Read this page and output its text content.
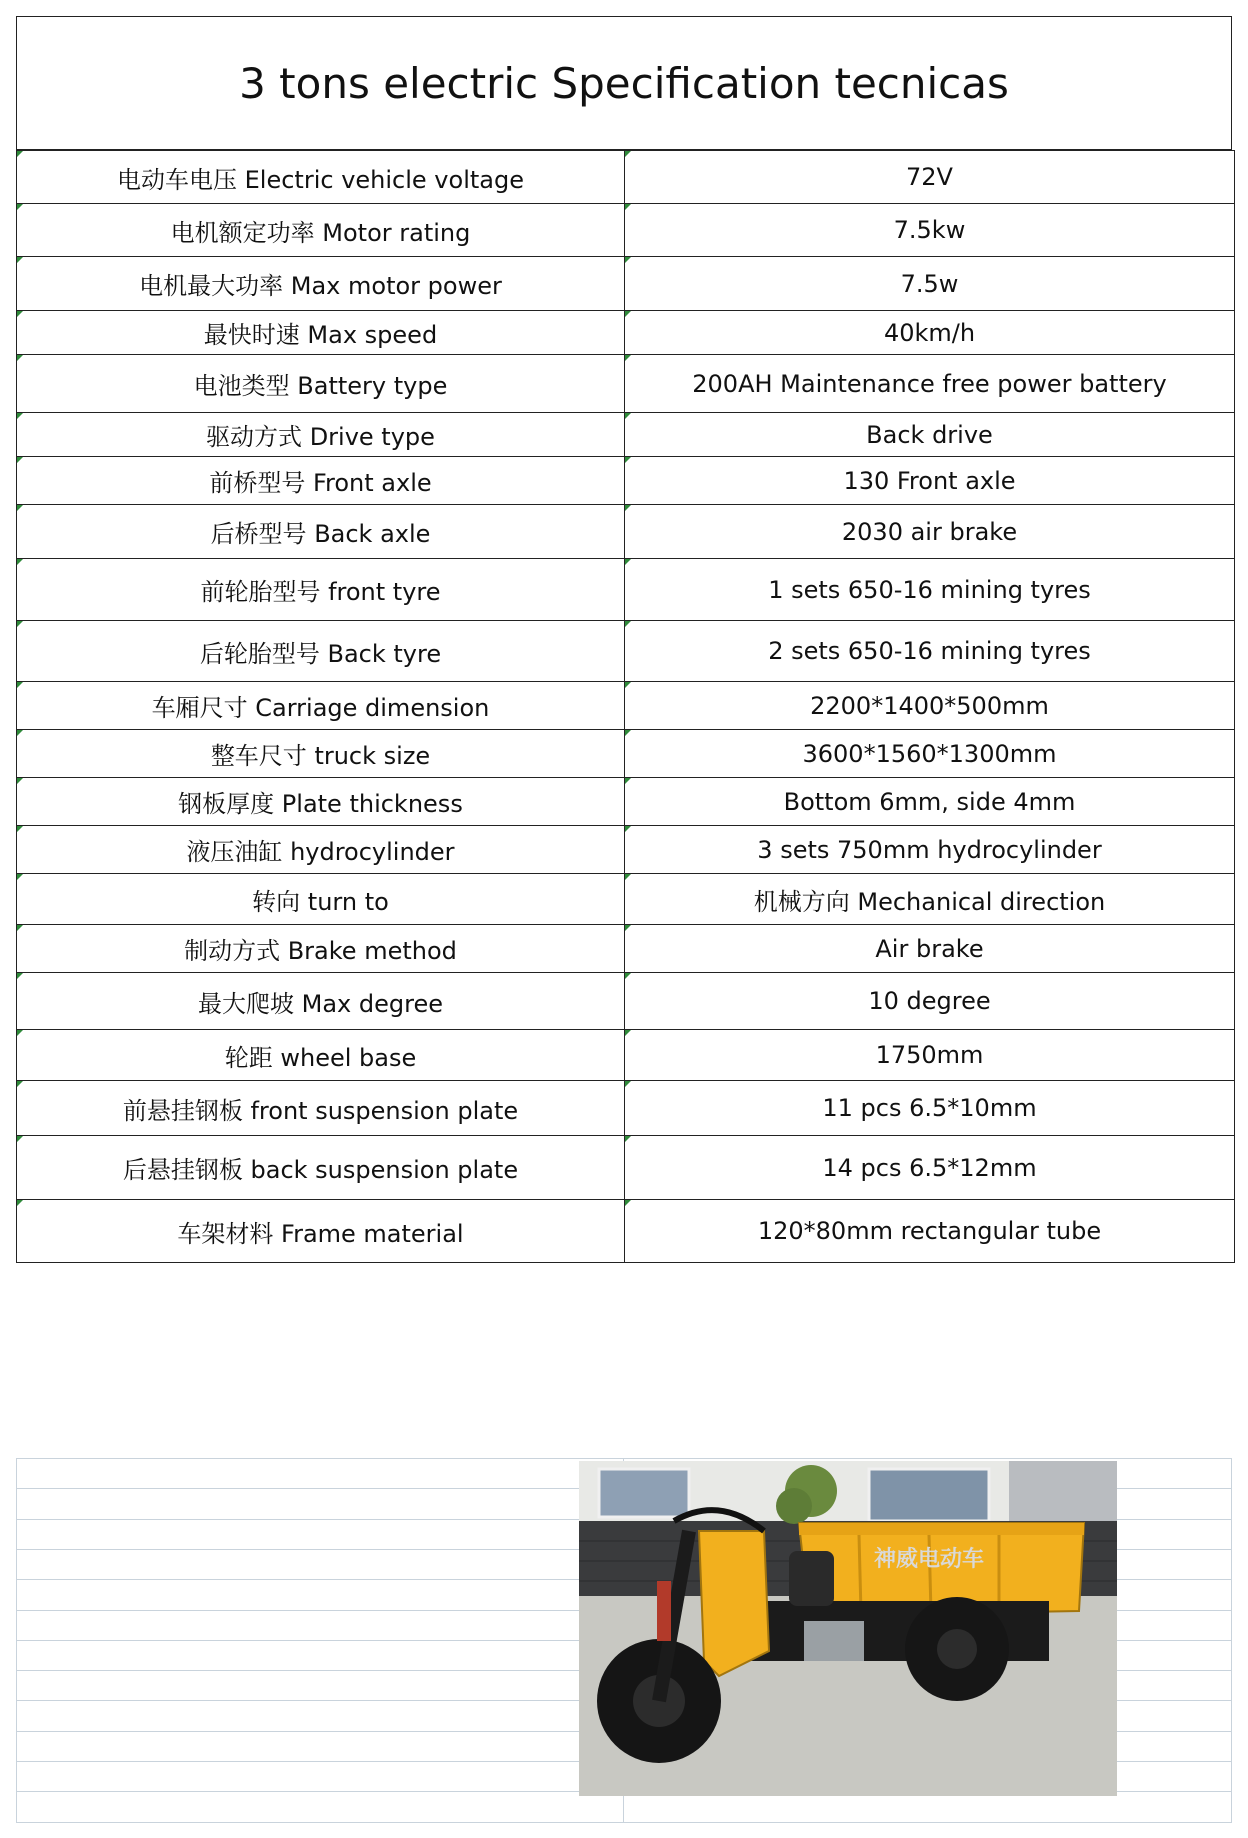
3 tons electric Specification tecnicas
电动车电压 Electric vehicle voltage	72V
电机额定功率 Motor rating	7.5kw
电机最大功率 Max motor power	7.5w
最快时速 Max speed	40km/h
电池类型 Battery type	200AH Maintenance free power battery
驱动方式 Drive type	Back drive
前桥型号 Front axle	130 Front axle
后桥型号 Back axle	2030 air brake
前轮胎型号 front tyre	1 sets 650-16 mining tyres
后轮胎型号 Back tyre	2 sets 650-16 mining tyres
车厢尺寸 Carriage dimension	2200*1400*500mm
整车尺寸 truck size	3600*1560*1300mm
钢板厚度 Plate thickness	Bottom 6mm, side 4mm
液压油缸 hydrocylinder	3 sets 750mm hydrocylinder
转向 turn to	机械方向 Mechanical direction
制动方式 Brake method	Air brake
最大爬坡 Max degree	10 degree
轮距 wheel base	1750mm
前悬挂钢板 front suspension plate	11 pcs 6.5*10mm
后悬挂钢板 back suspension plate	14 pcs 6.5*12mm
车架材料 Frame material	120*80mm rectangular tube
神威电动车
